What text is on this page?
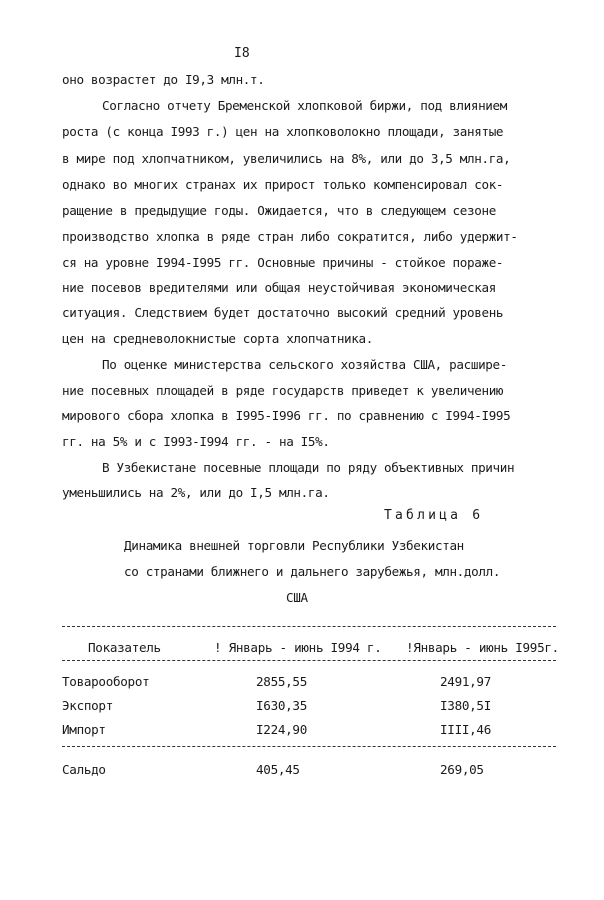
I8
оно возрастет до I9,3 млн.т.
Согласно отчету Бременской хлопковой биржи, под влиянием
роста (с конца I993 г.) цен на хлопковолокно площади, занятые
в мире под хлопчатником, увеличились на 8%, или до 3,5 млн.га,
однако во многих странах их прирост только компенсировал сок-
ращение в предыдущие годы. Ожидается, что в следующем сезоне
производство хлопка в ряде стран либо сократится, либо удержит-
ся на уровне I994-I995 гг. Основные причины - стойкое пораже-
ние посевов вредителями или общая неустойчивая экономическая
ситуация. Следствием будет достаточно высокий средний уровень
цен на средневолокнистые сорта хлопчатника.
По оценке министерства сельского хозяйства США, расшире-
ние посевных площадей в ряде государств приведет к увеличению
мирового сбора хлопка в I995-I996 гг. по сравнению с I994-I995
гг. на 5% и с I993-I994 гг. - на I5%.
В Узбекистане посевные площади по ряду объективных причин
уменьшились на 2%, или до I,5 млн.га.
Таблица 6
Динамика внешней торговли Республики Узбекистан
со странами ближнего и дальнего зарубежья, млн.долл.
США
Показатель	! Январь - июнь I994 г. !Январь - июнь I995г.
Товарооборот	2855,55	2491,97
Экспорт	I630,35	I380,5I
Импорт	I224,90	IIII,46
Сальдо	405,45	269,05
